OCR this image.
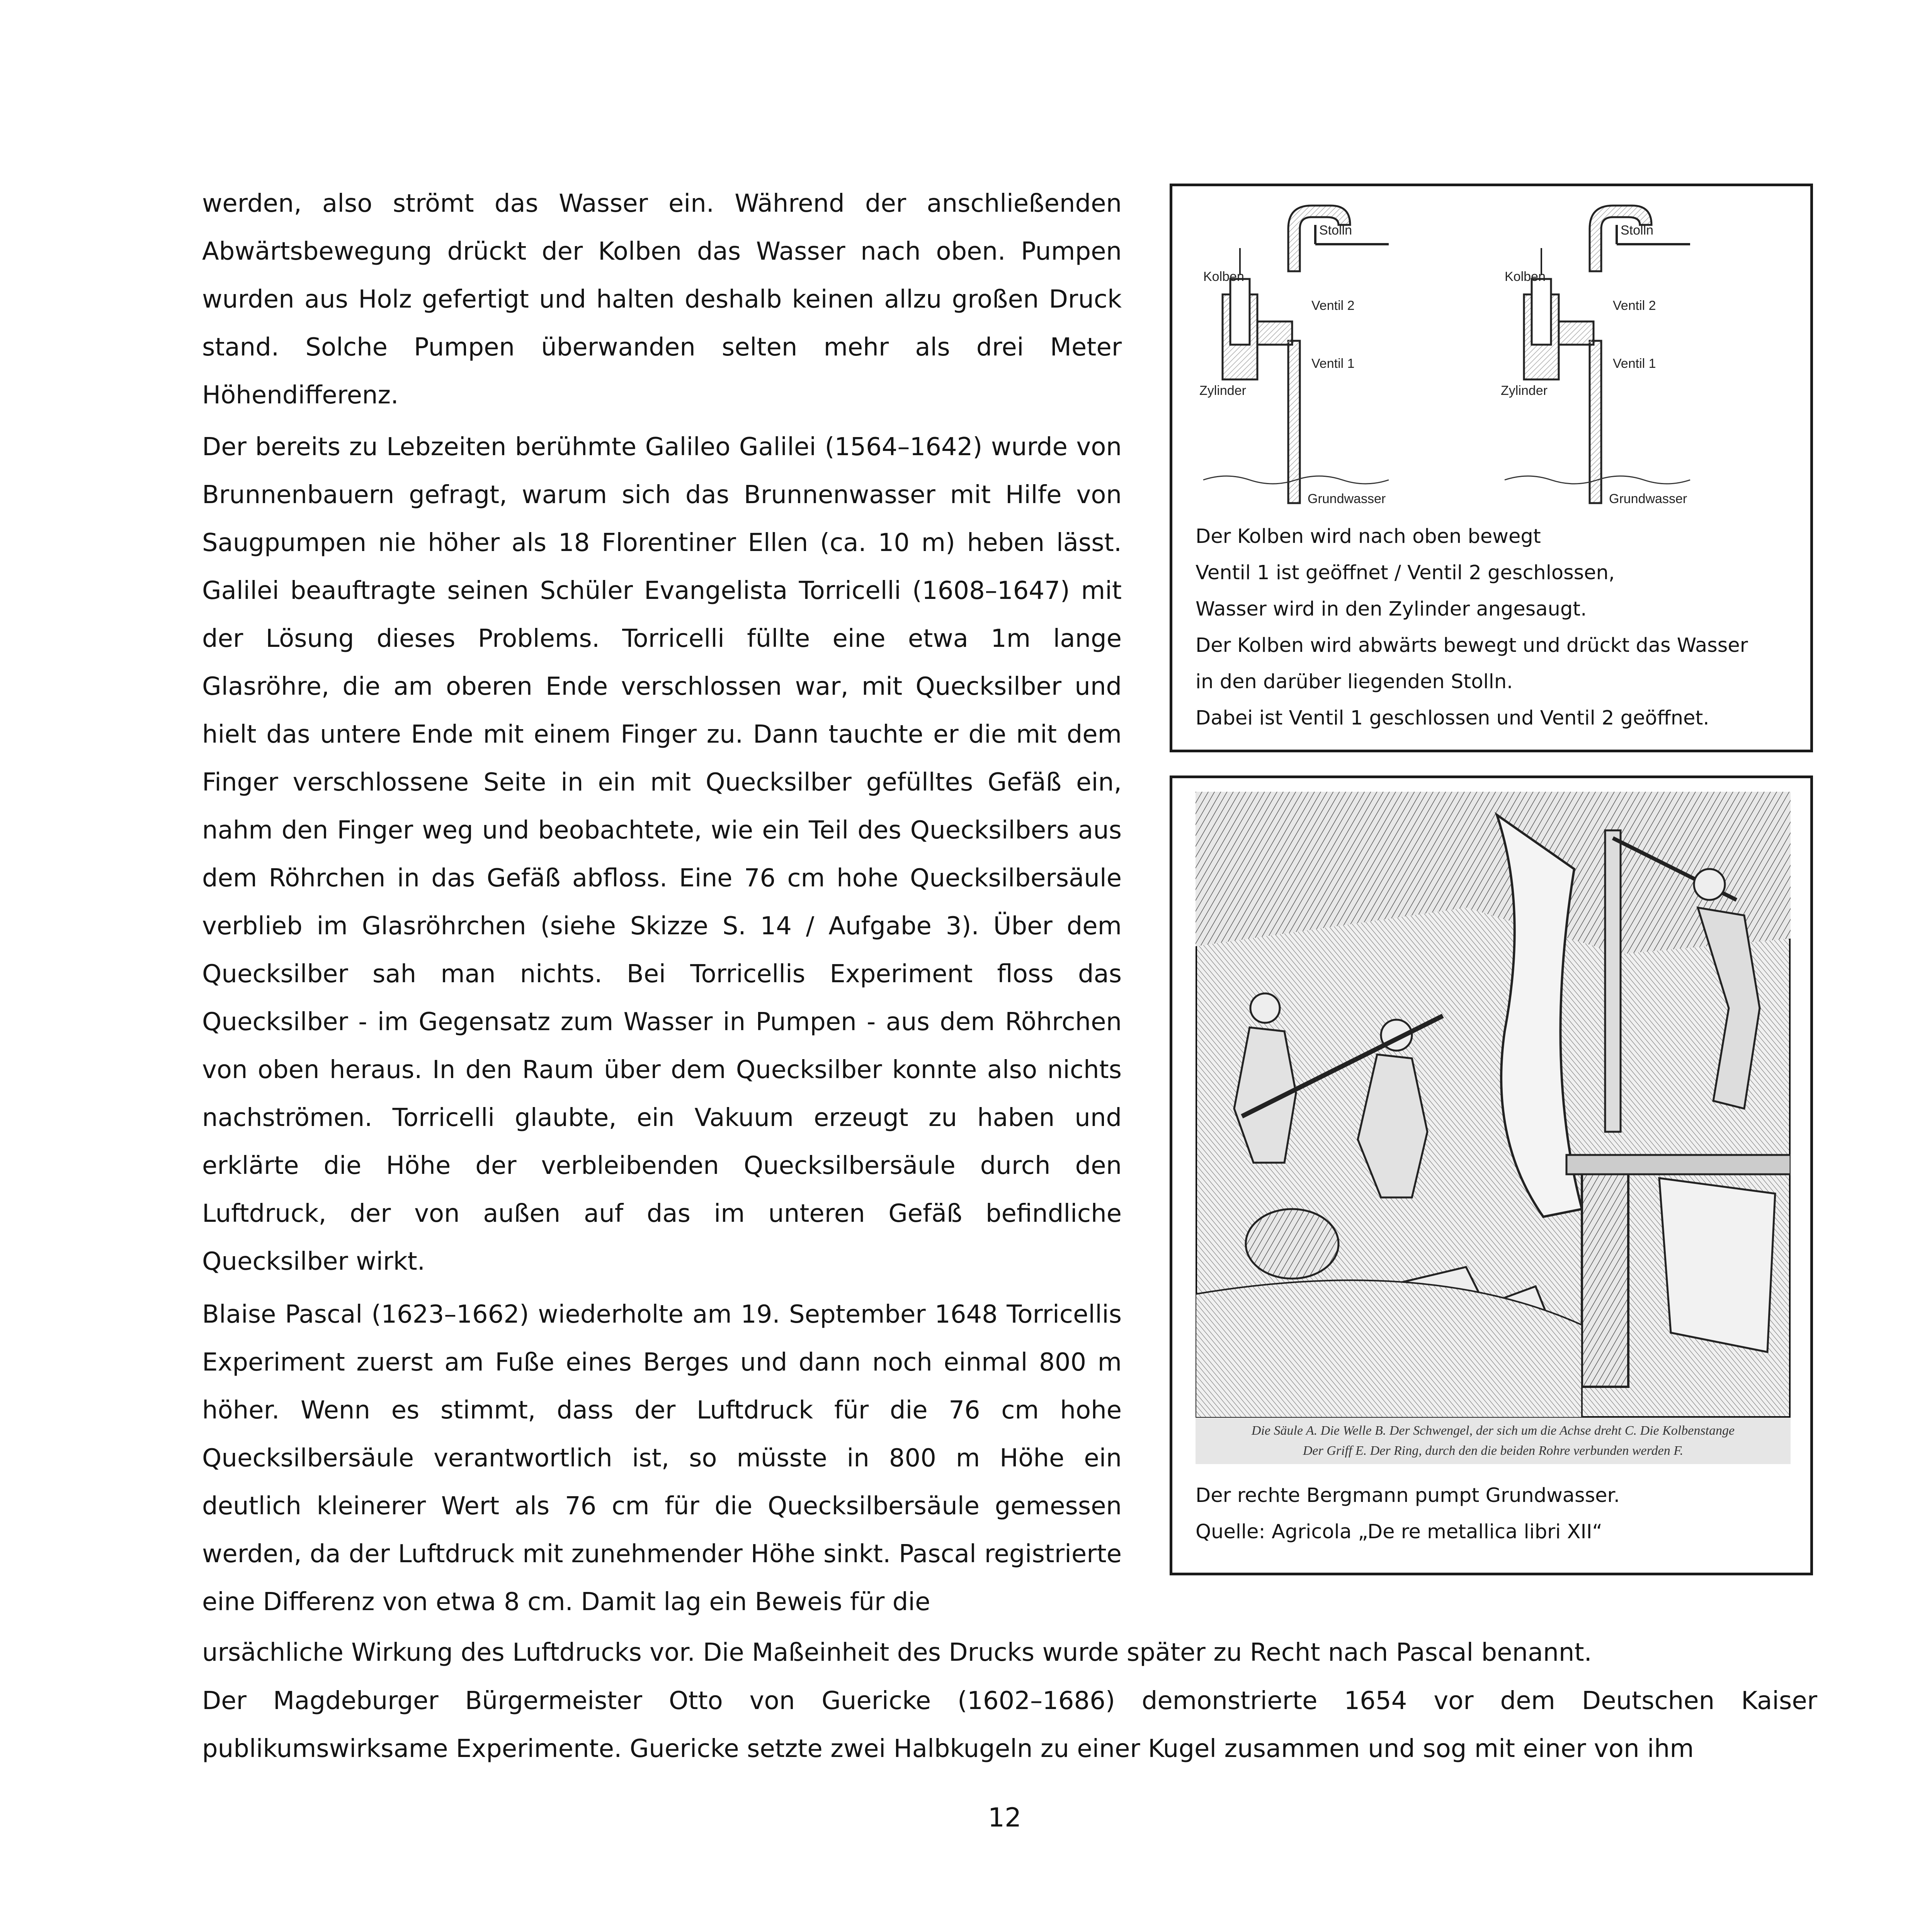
werden, also strömt das Wasser ein. Während der anschließenden Abwärtsbewegung drückt der Kolben das Wasser nach oben. Pumpen wurden aus Holz gefertigt und halten deshalb keinen allzu großen Druck stand. Solche Pumpen überwanden selten mehr als drei Meter Höhendifferenz.

Der bereits zu Lebzeiten berühmte Galileo Galilei (1564–1642) wurde von Brunnenbauern gefragt, warum sich das Brunnenwasser mit Hilfe von Saugpumpen nie höher als 18 Florentiner Ellen (ca. 10 m) heben lässt. Galilei beauftragte seinen Schüler Evangelista Torricelli (1608–1647) mit der Lösung dieses Problems. Torricelli füllte eine etwa 1m lange Glasröhre, die am oberen Ende verschlossen war, mit Quecksilber und hielt das untere Ende mit einem Finger zu. Dann tauchte er die mit dem Finger verschlossene Seite in ein mit Quecksilber gefülltes Gefäß ein, nahm den Finger weg und beobachtete, wie ein Teil des Quecksilbers aus dem Röhrchen in das Gefäß abfloss. Eine 76 cm hohe Quecksilbersäule verblieb im Glasröhrchen (siehe Skizze S. 14 / Aufgabe 3). Über dem Quecksilber sah man nichts. Bei Torricellis Experiment floss das Quecksilber - im Gegensatz zum Wasser in Pumpen - aus dem Röhrchen von oben heraus. In den Raum über dem Quecksilber konnte also nichts nachströmen. Torricelli glaubte, ein Vakuum erzeugt zu haben und erklärte die Höhe der verbleibenden Quecksilbersäule durch den Luftdruck, der von außen auf das im unteren Gefäß befindliche Quecksilber wirkt.

Blaise Pascal (1623–1662) wiederholte am 19. September 1648 Torricellis Experiment zuerst am Fuße eines Berges und dann noch einmal 800 m höher. Wenn es stimmt, dass der Luftdruck für die 76 cm hohe Quecksilbersäule verantwortlich ist, so müsste in 800 m Höhe ein deutlich kleinerer Wert als 76 cm für die Quecksilbersäule gemessen werden, da der Luftdruck mit zunehmender Höhe sinkt. Pascal registrierte eine Differenz von etwa 8 cm. Damit lag ein Beweis für die

ursächliche Wirkung des Luftdrucks vor. Die Maßeinheit des Drucks wurde später zu Recht nach Pascal benannt.

Der Magdeburger Bürgermeister Otto von Guericke (1602–1686) demonstrierte 1654 vor dem Deutschen Kaiser publikumswirksame Experimente. Guericke setzte zwei Halbkugeln zu einer Kugel zusammen und sog mit einer von ihm

Stolln
Kolben
Ventil 2
Ventil 1
Zylinder
Grundwasser
Stolln
Kolben
Ventil 2
Ventil 1
Zylinder
Grundwasser
Der Kolben wird nach oben bewegt
Ventil 1 ist geöffnet / Ventil 2 geschlossen,
Wasser wird in den Zylinder angesaugt.
Der Kolben wird abwärts bewegt und drückt das Wasser
in den darüber liegenden Stolln.
Dabei ist Ventil 1 geschlossen und Ventil 2 geöffnet.
Die Säule A. Die Welle B. Der Schwengel, der sich um die Achse dreht C. Die Kolbenstange
Der Griff E. Der Ring, durch den die beiden Rohre verbunden werden F.
Der rechte Bergmann pumpt Grundwasser.
Quelle: Agricola „De re metallica libri XII“
12
